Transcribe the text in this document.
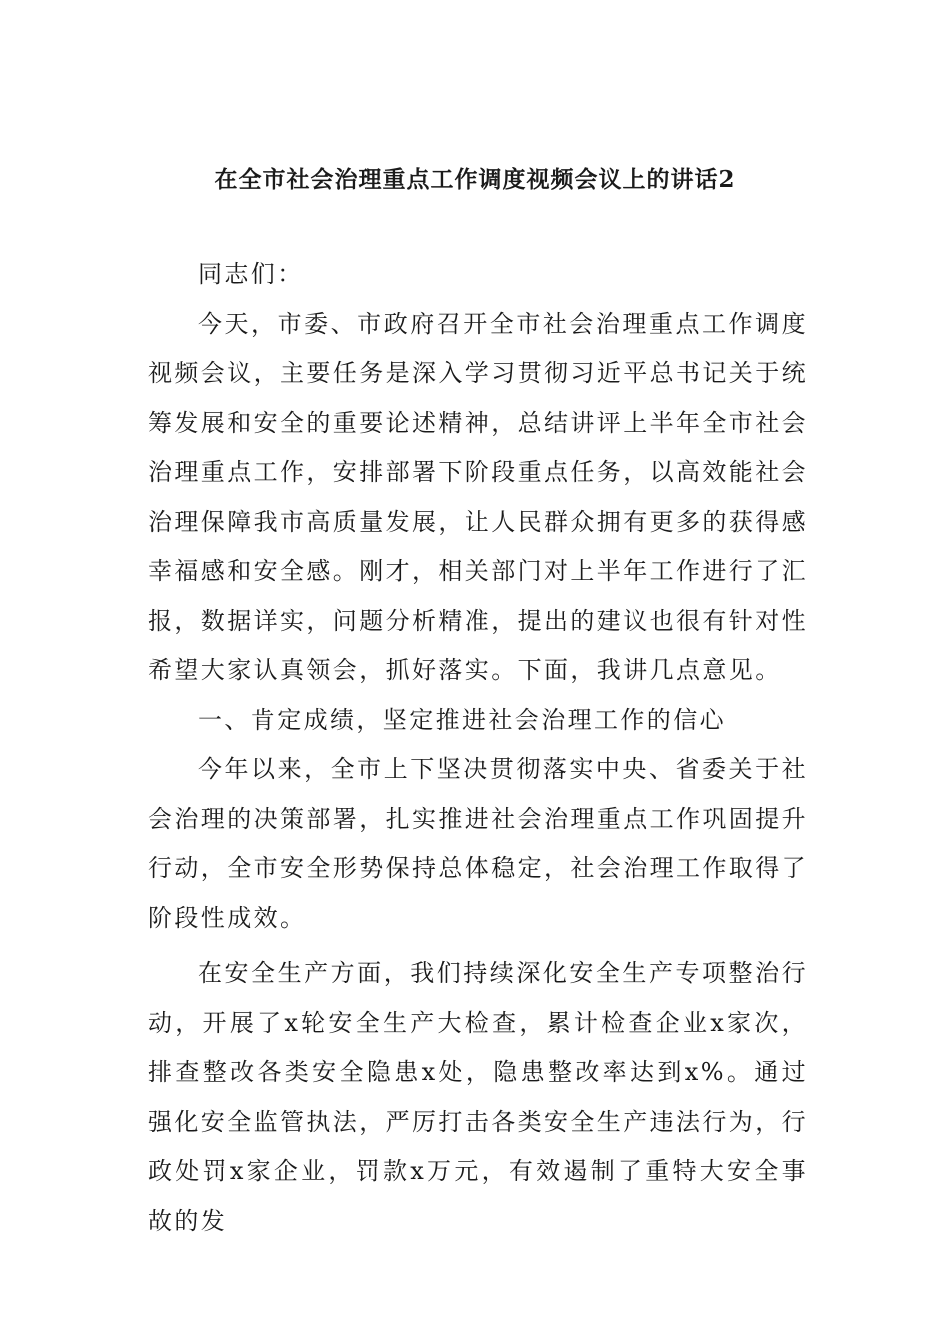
在全市社会治理重点工作调度视频会议上的讲话2

同志们：

今天，市委、市政府召开全市社会治理重点工作调度视频会议，主要任务是深入学习贯彻习近平总书记关于统筹发展和安全的重要论述精神，总结讲评上半年全市社会治理重点工作，安排部署下阶段重点任务，以高效能社会治理保障我市高质量发展，让人民群众拥有更多的获得感幸福感和安全感。刚才，相关部门对上半年工作进行了汇报，数据详实，问题分析精准，提出的建议也很有针对性希望大家认真领会，抓好落实。下面，我讲几点意见。

一、肯定成绩，坚定推进社会治理工作的信心

今年以来，全市上下坚决贯彻落实中央、省委关于社会治理的决策部署，扎实推进社会治理重点工作巩固提升行动，全市安全形势保持总体稳定，社会治理工作取得了阶段性成效。

在安全生产方面，我们持续深化安全生产专项整治行动，开展了x轮安全生产大检查，累计检查企业x家次，排查整改各类安全隐患x处，隐患整改率达到x%。通过强化安全监管执法，严厉打击各类安全生产违法行为，行政处罚x家企业，罚款x万元，有效遏制了重特大安全事故的发
